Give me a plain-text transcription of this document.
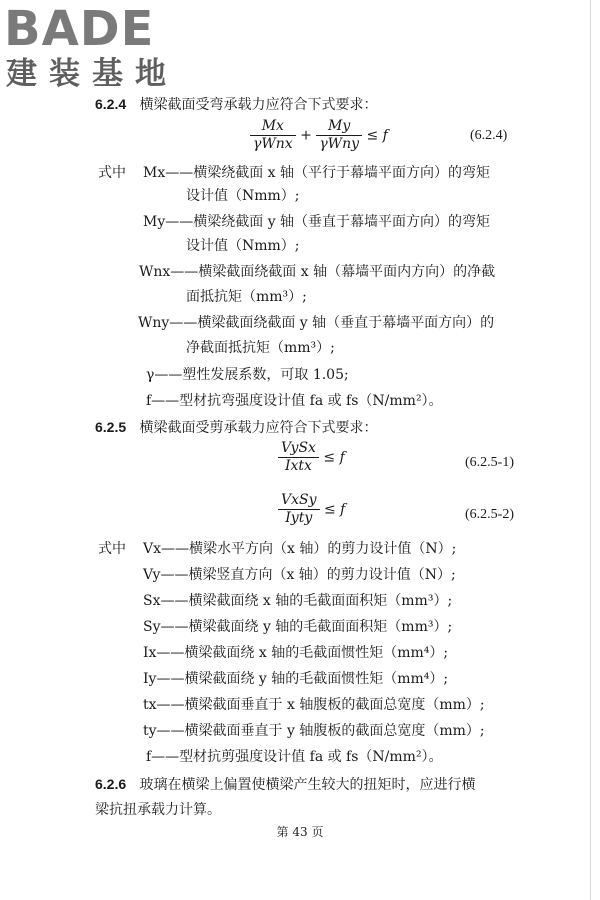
BADE
建装基地
6.2.4 横梁截面受弯承载力应符合下式要求：
$\frac{Mx}{\text{γWnx}} + \frac{My}{\text{γWny}} \le f$	(6.2.4)
式中 Mx——横梁绕截面 x 轴（平行于幕墙平面方向）的弯矩
设计值（Nmm）;
My——横梁绕截面 y 轴（垂直于幕墙平面方向）的弯矩
设计值（Nmm）;
Wnx——横梁截面绕截面 x 轴（幕墙平面内方向）的净截
面抵抗矩（mm³）;
Wny——横梁截面绕截面 y 轴（垂直于幕墙平面方向）的
净截面抵抗矩（mm³）;
γ——塑性发展系数，可取 1.05;
f——型材抗弯强度设计值 fa 或 fs（N/mm²）。
6.2.5 横梁截面受剪承载力应符合下式要求：
$\frac{\text{VySx}}{\text{Ixtx}} \le f$	(6.2.5-1)
$\frac{\text{VxSy}}{\text{Iyty}} \le f$	(6.2.5-2)
式中 Vx——横梁水平方向（x 轴）的剪力设计值（N）;
Vy——横梁竖直方向（x 轴）的剪力设计值（N）;
Sx——横梁截面绕 x 轴的毛截面面积矩（mm³）;
Sy——横梁截面绕 y 轴的毛截面面积矩（mm³）;
Ix——横梁截面绕 x 轴的毛截面惯性矩（mm⁴）;
Iy——横梁截面绕 y 轴的毛截面惯性矩（mm⁴）;
tx——横梁截面垂直于 x 轴腹板的截面总宽度（mm）;
ty——横梁截面垂直于 y 轴腹板的截面总宽度（mm）;
f——型材抗剪强度设计值 fa 或 fs（N/mm²）。
6.2.6 玻璃在横梁上偏置使横梁产生较大的扭矩时，应进行横
梁抗扭承载力计算。
第 43 页
